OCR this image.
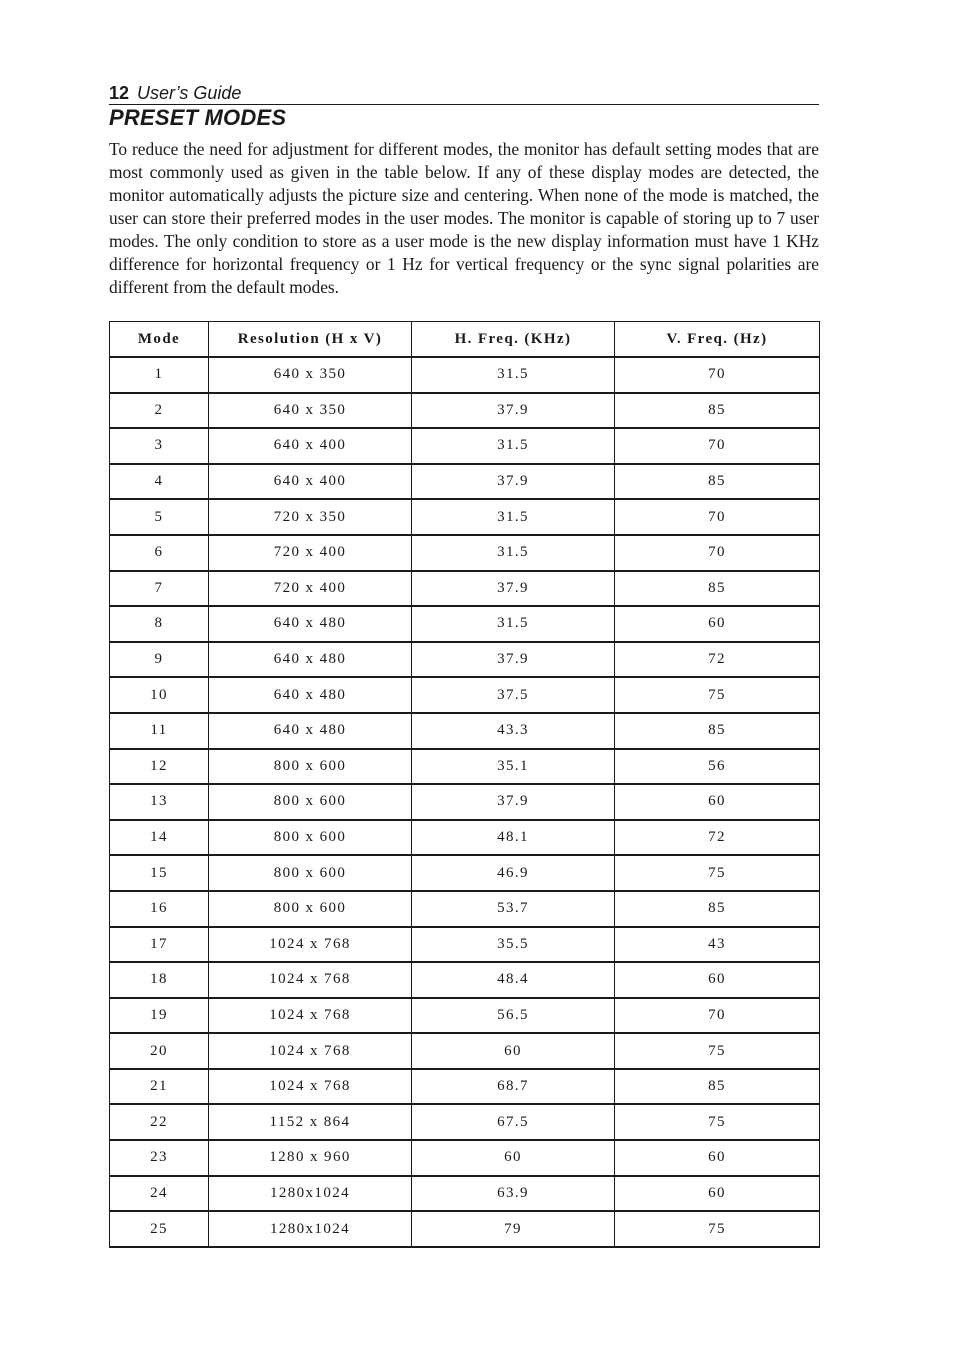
12 User’s Guide
PRESET MODES

To reduce the need for adjustment for different modes, the monitor has default setting modes that are most commonly used as given in the table below. If any of these display modes are detected, the monitor automatically adjusts the picture size and centering. When none of the mode is matched, the user can store their preferred modes in the user modes. The monitor is capable of storing up to 7 user modes. The only condition to store as a user mode is the new display information must have 1 KHz difference for horizontal frequency or 1 Hz for vertical frequency or the sync signal polarities are different from the default modes.

Mode	Resolution (H x V)	H. Freq. (KHz)	V. Freq. (Hz)
1	640 x 350	31.5	70
2	640 x 350	37.9	85
3	640 x 400	31.5	70
4	640 x 400	37.9	85
5	720 x 350	31.5	70
6	720 x 400	31.5	70
7	720 x 400	37.9	85
8	640 x 480	31.5	60
9	640 x 480	37.9	72
10	640 x 480	37.5	75
11	640 x 480	43.3	85
12	800 x 600	35.1	56
13	800 x 600	37.9	60
14	800 x 600	48.1	72
15	800 x 600	46.9	75
16	800 x 600	53.7	85
17	1024 x 768	35.5	43
18	1024 x 768	48.4	60
19	1024 x 768	56.5	70
20	1024 x 768	60	75
21	1024 x 768	68.7	85
22	1152 x 864	67.5	75
23	1280 x 960	60	60
24	1280x1024	63.9	60
25	1280x1024	79	75
